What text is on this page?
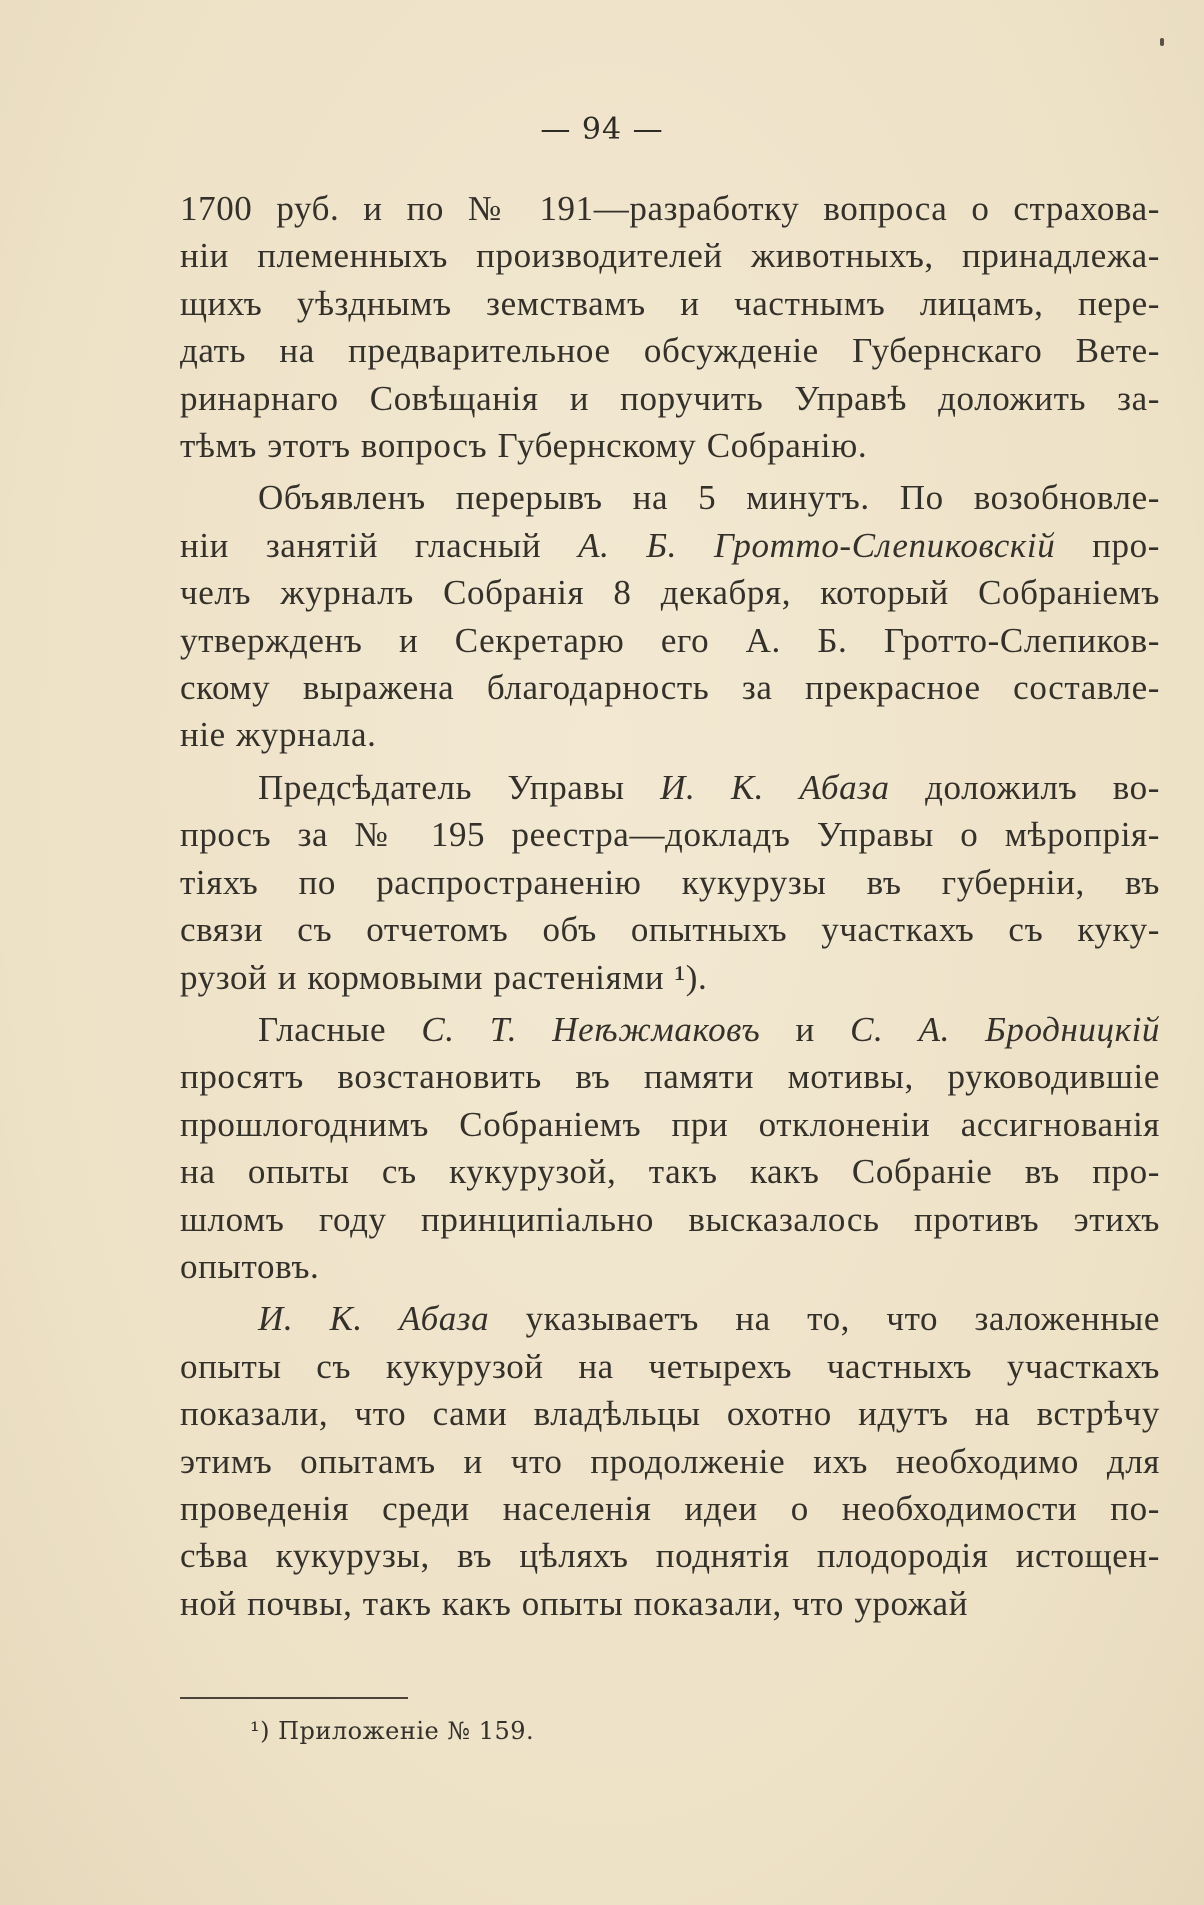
— 94 —
1700 руб. и по № 191—разработку вопроса о страхова-
ніи племенныхъ производителей животныхъ, принадлежа-
щихъ уѣзднымъ земствамъ и частнымъ лицамъ, пере-
дать на предварительное обсужденіе Губернскаго Вете-
ринарнаго Совѣщанія и поручить Управѣ доложить за-
тѣмъ этотъ вопросъ Губернскому Собранію.
Объявленъ перерывъ на 5 минутъ. По возобновле-
ніи занятій гласный А. Б. Гротто-Слепиковскій про-
челъ журналъ Собранія 8 декабря, который Собраніемъ
утвержденъ и Секретарю его А. Б. Гротто-Слепиков-
скому выражена благодарность за прекрасное составле-
ніе журнала.
Предсѣдатель Управы И. К. Абаза доложилъ во-
просъ за № 195 реестра—докладъ Управы о мѣропрія-
тіяхъ по распространенію кукурузы въ губерніи, въ
связи съ отчетомъ объ опытныхъ участкахъ съ куку-
рузой и кормовыми растеніями ¹).
Гласные С. Т. Неѣжмаковъ и С. А. Бродницкій
просятъ возстановить въ памяти мотивы, руководившіе
прошлогоднимъ Собраніемъ при отклоненіи ассигнованія
на опыты съ кукурузой, такъ какъ Собраніе въ про-
шломъ году принципіально высказалось противъ этихъ
опытовъ.
И. К. Абаза указываетъ на то, что заложенные
опыты съ кукурузой на четырехъ частныхъ участкахъ
показали, что сами владѣльцы охотно идутъ на встрѣчу
этимъ опытамъ и что продолженіе ихъ необходимо для
проведенія среди населенія идеи о необходимости по-
сѣва кукурузы, въ цѣляхъ поднятія плодородія истощен-
ной почвы, такъ какъ опыты показали, что урожай
¹) Приложеніе № 159.
